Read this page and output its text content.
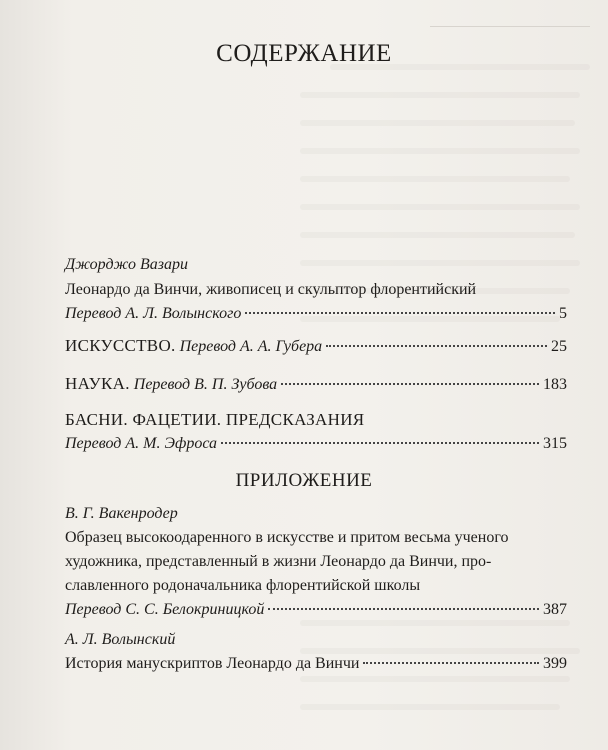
СОДЕРЖАНИЕ
Джорджо Вазари
Леонардо да Винчи, живописец и скульптор флорентийский
Перевод А. Л. Волынского	5
ИСКУССТВО. Перевод А. А. Губера	25
НАУКА. Перевод В. П. Зубова	183
БАСНИ. ФАЦЕТИИ. ПРЕДСКАЗАНИЯ
Перевод А. М. Эфроса	315
ПРИЛОЖЕНИЕ
В. Г. Вакенродер
Образец высокоодаренного в искусстве и притом весьма ученого
художника, представленный в жизни Леонардо да Винчи, про-
славленного родоначальника флорентийской школы
Перевод С. С. Белокриницкой	387
А. Л. Волынский
История манускриптов Леонардо да Винчи	399
